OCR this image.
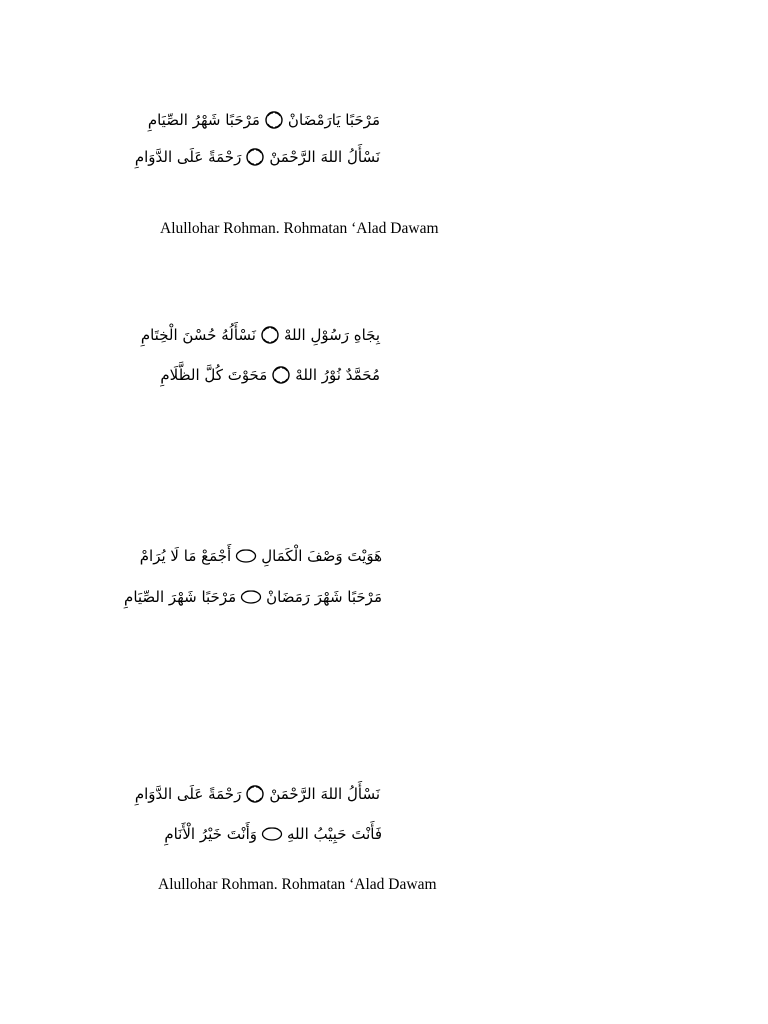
مَرْحَبًا يَارَمْضَانْ
مَرْحَبًا شَهْرُ الصِّيَامِ
نَسْأَلُ اللهَ الرَّحْمَنْ
رَحْمَةً عَلَى الدَّوَامِ
Alullohar Rohman. Rohmatan ‘Alad Dawam
بِجَاهِ رَسُوْلِ اللهْ
نَسْأَلُهُ حُسْنَ الْخِتَامِ
مُحَمَّدٌ نُوْرُ اللهْ
مَحَوْتَ كُلَّ الظَّلَامِ
هَوَيْتَ وَصْفَ الْكَمَالِ
أَجْمَعْ مَا لَا يُرَامْ
مَرْحَبًا شَهْرَ رَمَضَانْ
مَرْحَبًا شَهْرَ الصِّيَامِ
نَسْأَلُ اللهَ الرَّحْمَنْ
رَحْمَةً عَلَى الدَّوَامِ
فَأَنْتَ حَبِيْبُ اللهِ
وَأَنْتَ خَيْرُ الْأَنَامِ
Alullohar Rohman. Rohmatan ‘Alad Dawam
